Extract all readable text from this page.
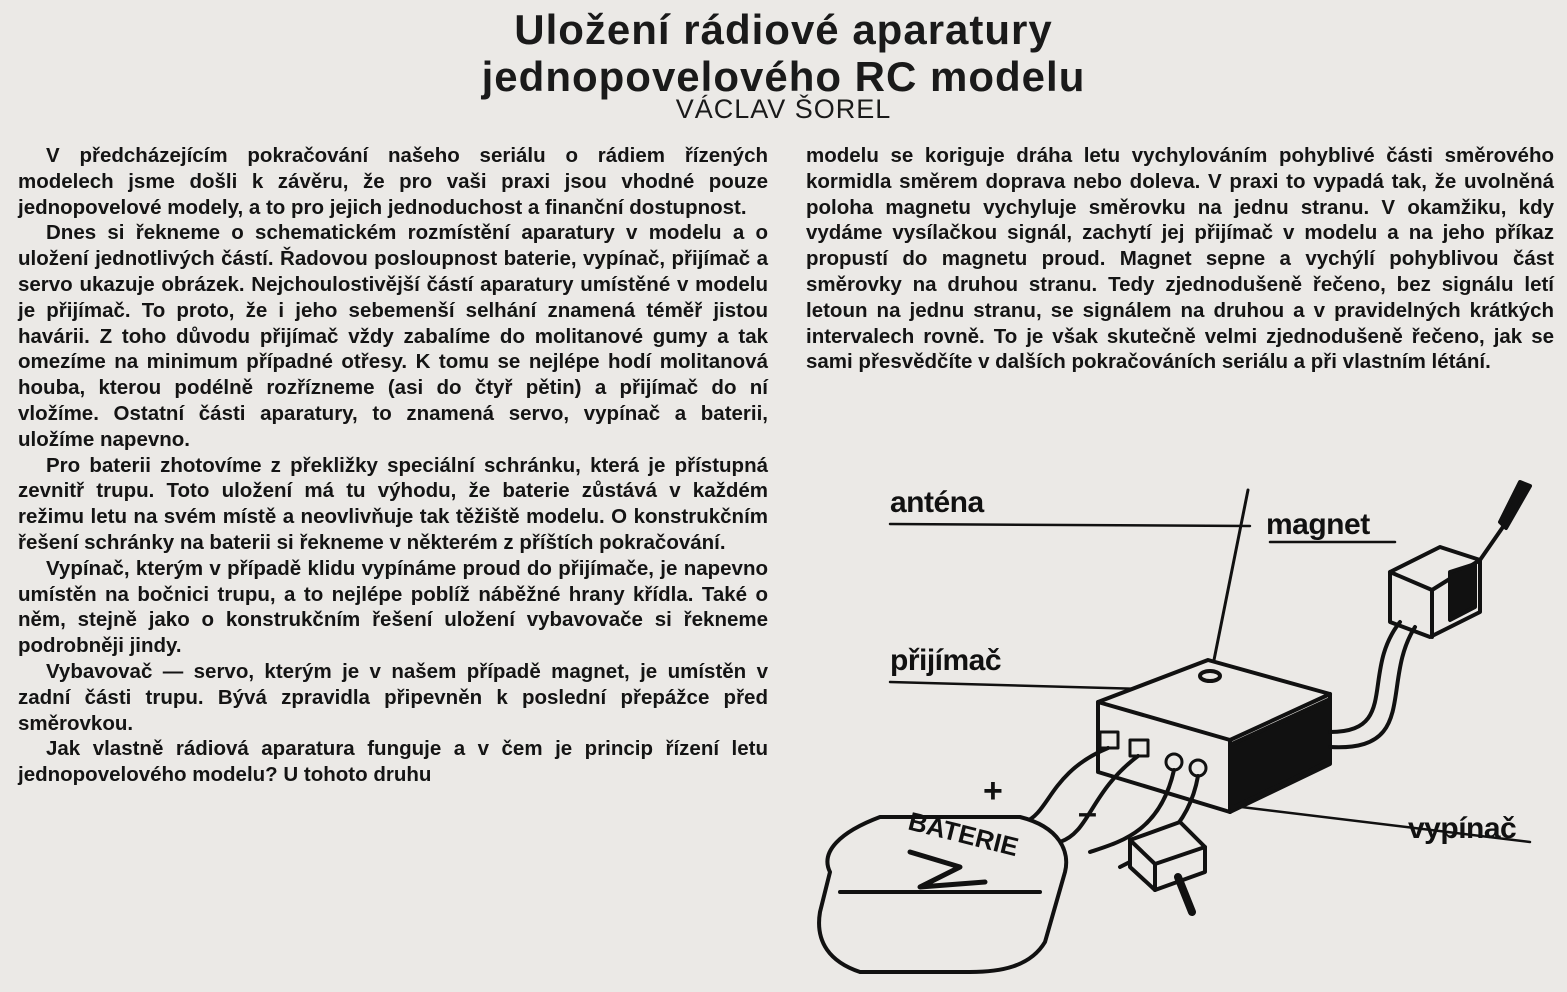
Uložení rádiové aparatury
jednopovelového RC modelu
VÁCLAV ŠOREL

V předcházejícím pokračování našeho seriálu o rádiem řízených modelech jsme došli k závěru, že pro vaši praxi jsou vhodné pouze jednopovelové modely, a to pro jejich jednoduchost a finanční dostupnost.

Dnes si řekneme o schematickém rozmístění aparatury v modelu a o uložení jednotlivých částí. Řadovou posloupnost baterie, vypínač, přijímač a servo ukazuje obrázek. Nejchoulostivější částí aparatury umístěné v modelu je přijímač. To proto, že i jeho sebemenší selhání znamená téměř jistou havárii. Z toho důvodu přijímač vždy zabalíme do molitanové gumy a tak omezíme na minimum případné otřesy. K tomu se nejlépe hodí molitanová houba, kterou podélně rozřízneme (asi do čtyř pětin) a přijímač do ní vložíme. Ostatní části aparatury, to znamená servo, vypínač a baterii, uložíme napevno.

Pro baterii zhotovíme z překližky speciální schránku, která je přístupná zevnitř trupu. Toto uložení má tu výhodu, že baterie zůstává v každém režimu letu na svém místě a neovlivňuje tak těžiště modelu. O konstrukčním řešení schránky na baterii si řekneme v některém z příštích pokračování.

Vypínač, kterým v případě klidu vypínáme proud do přijímače, je napevno umístěn na bočnici trupu, a to nejlépe poblíž náběžné hrany křídla. Také o něm, stejně jako o konstrukčním řešení uložení vybavovače si řekneme podrobněji jindy.

Vybavovač — servo, kterým je v našem případě magnet, je umístěn v zadní části trupu. Bývá zpravidla připevněn k poslední přepážce před směrovkou.

Jak vlastně rádiová aparatura funguje a v čem je princip řízení letu jednopovelového modelu? U tohoto druhu

modelu se koriguje dráha letu vychylováním pohyblivé části směrového kormidla směrem doprava nebo doleva. V praxi to vypadá tak, že uvolněná poloha magnetu vychyluje směrovku na jednu stranu. V okamžiku, kdy vydáme vysílačkou signál, zachytí jej přijímač v modelu a na jeho příkaz propustí do magnetu proud. Magnet sepne a vychýlí pohyblivou část směrovky na druhou stranu. Tedy zjednodušeně řečeno, bez signálu letí letoun na jednu stranu, se signálem na druhou a v pravidelných krátkých intervalech rovně. To je však skutečně velmi zjednodušeně řečeno, jak se sami přesvědčíte v dalších pokračováních seriálu a při vlastním létání.

BATERIE
anténa
magnet
přijímač
vypínač
+
–
